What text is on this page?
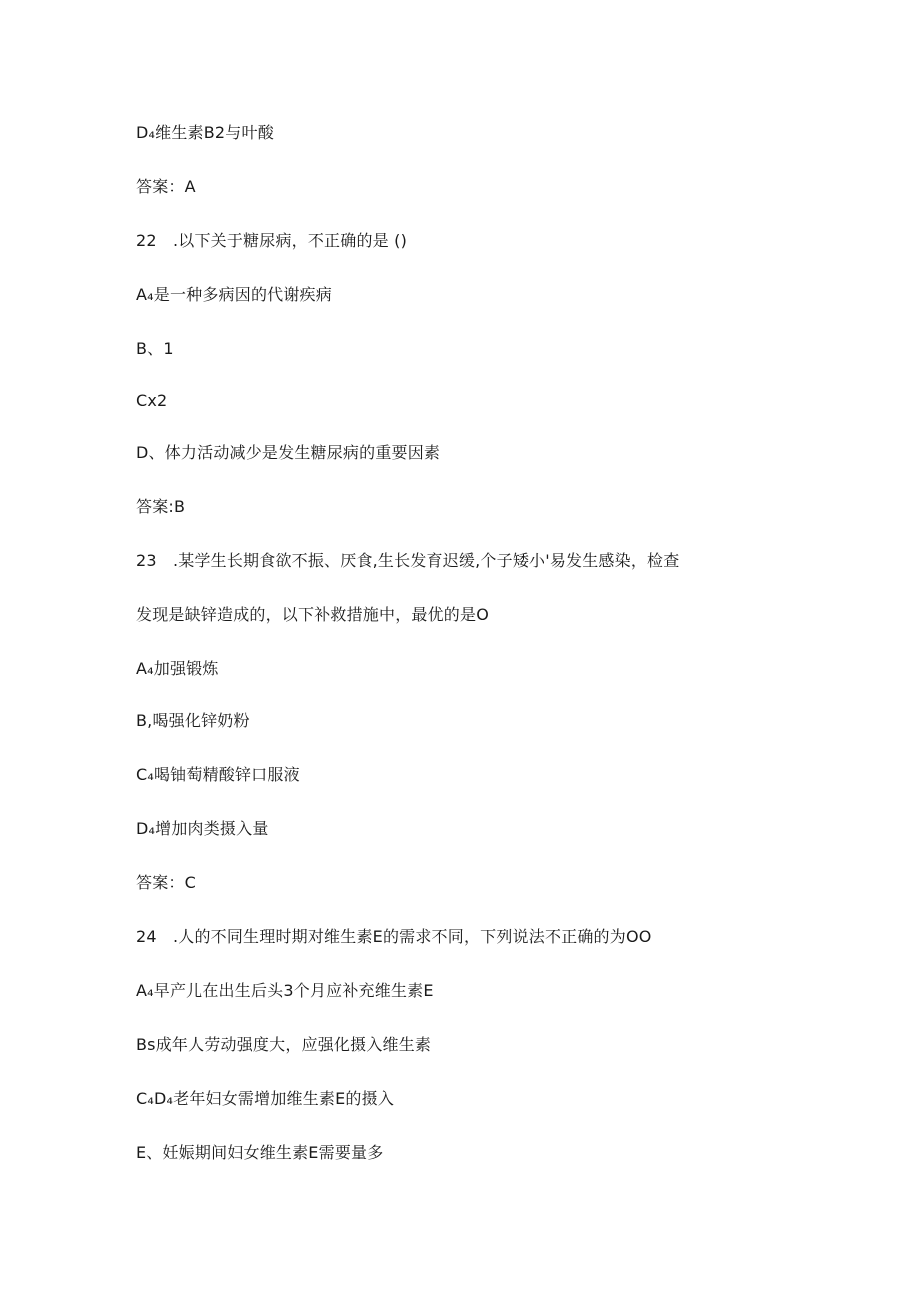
D₄维生素B2与叶酸
答案：A
22　.以下关于糖尿病，不正确的是 ()
A₄是一种多病因的代谢疾病
B、1
Cx2
D、体力活动减少是发生糖尿病的重要因素
答案:B
23　.某学生长期食欲不振、厌食,生长发育迟缓,个子矮小'易发生感染，检查
发现是缺锌造成的，以下补救措施中，最优的是O
A₄加强锻炼
B,喝强化锌奶粉
C₄喝铀萄精酸锌口服液
D₄增加肉类摄入量
答案：C
24　.人的不同生理时期对维生素E的需求不同，下列说法不正确的为OO
A₄早产儿在出生后头3个月应补充维生素E
Bs成年人劳动强度大，应强化摄入维生素
C₄D₄老年妇女需增加维生素E的摄入
E、妊娠期间妇女维生素E需要量多
